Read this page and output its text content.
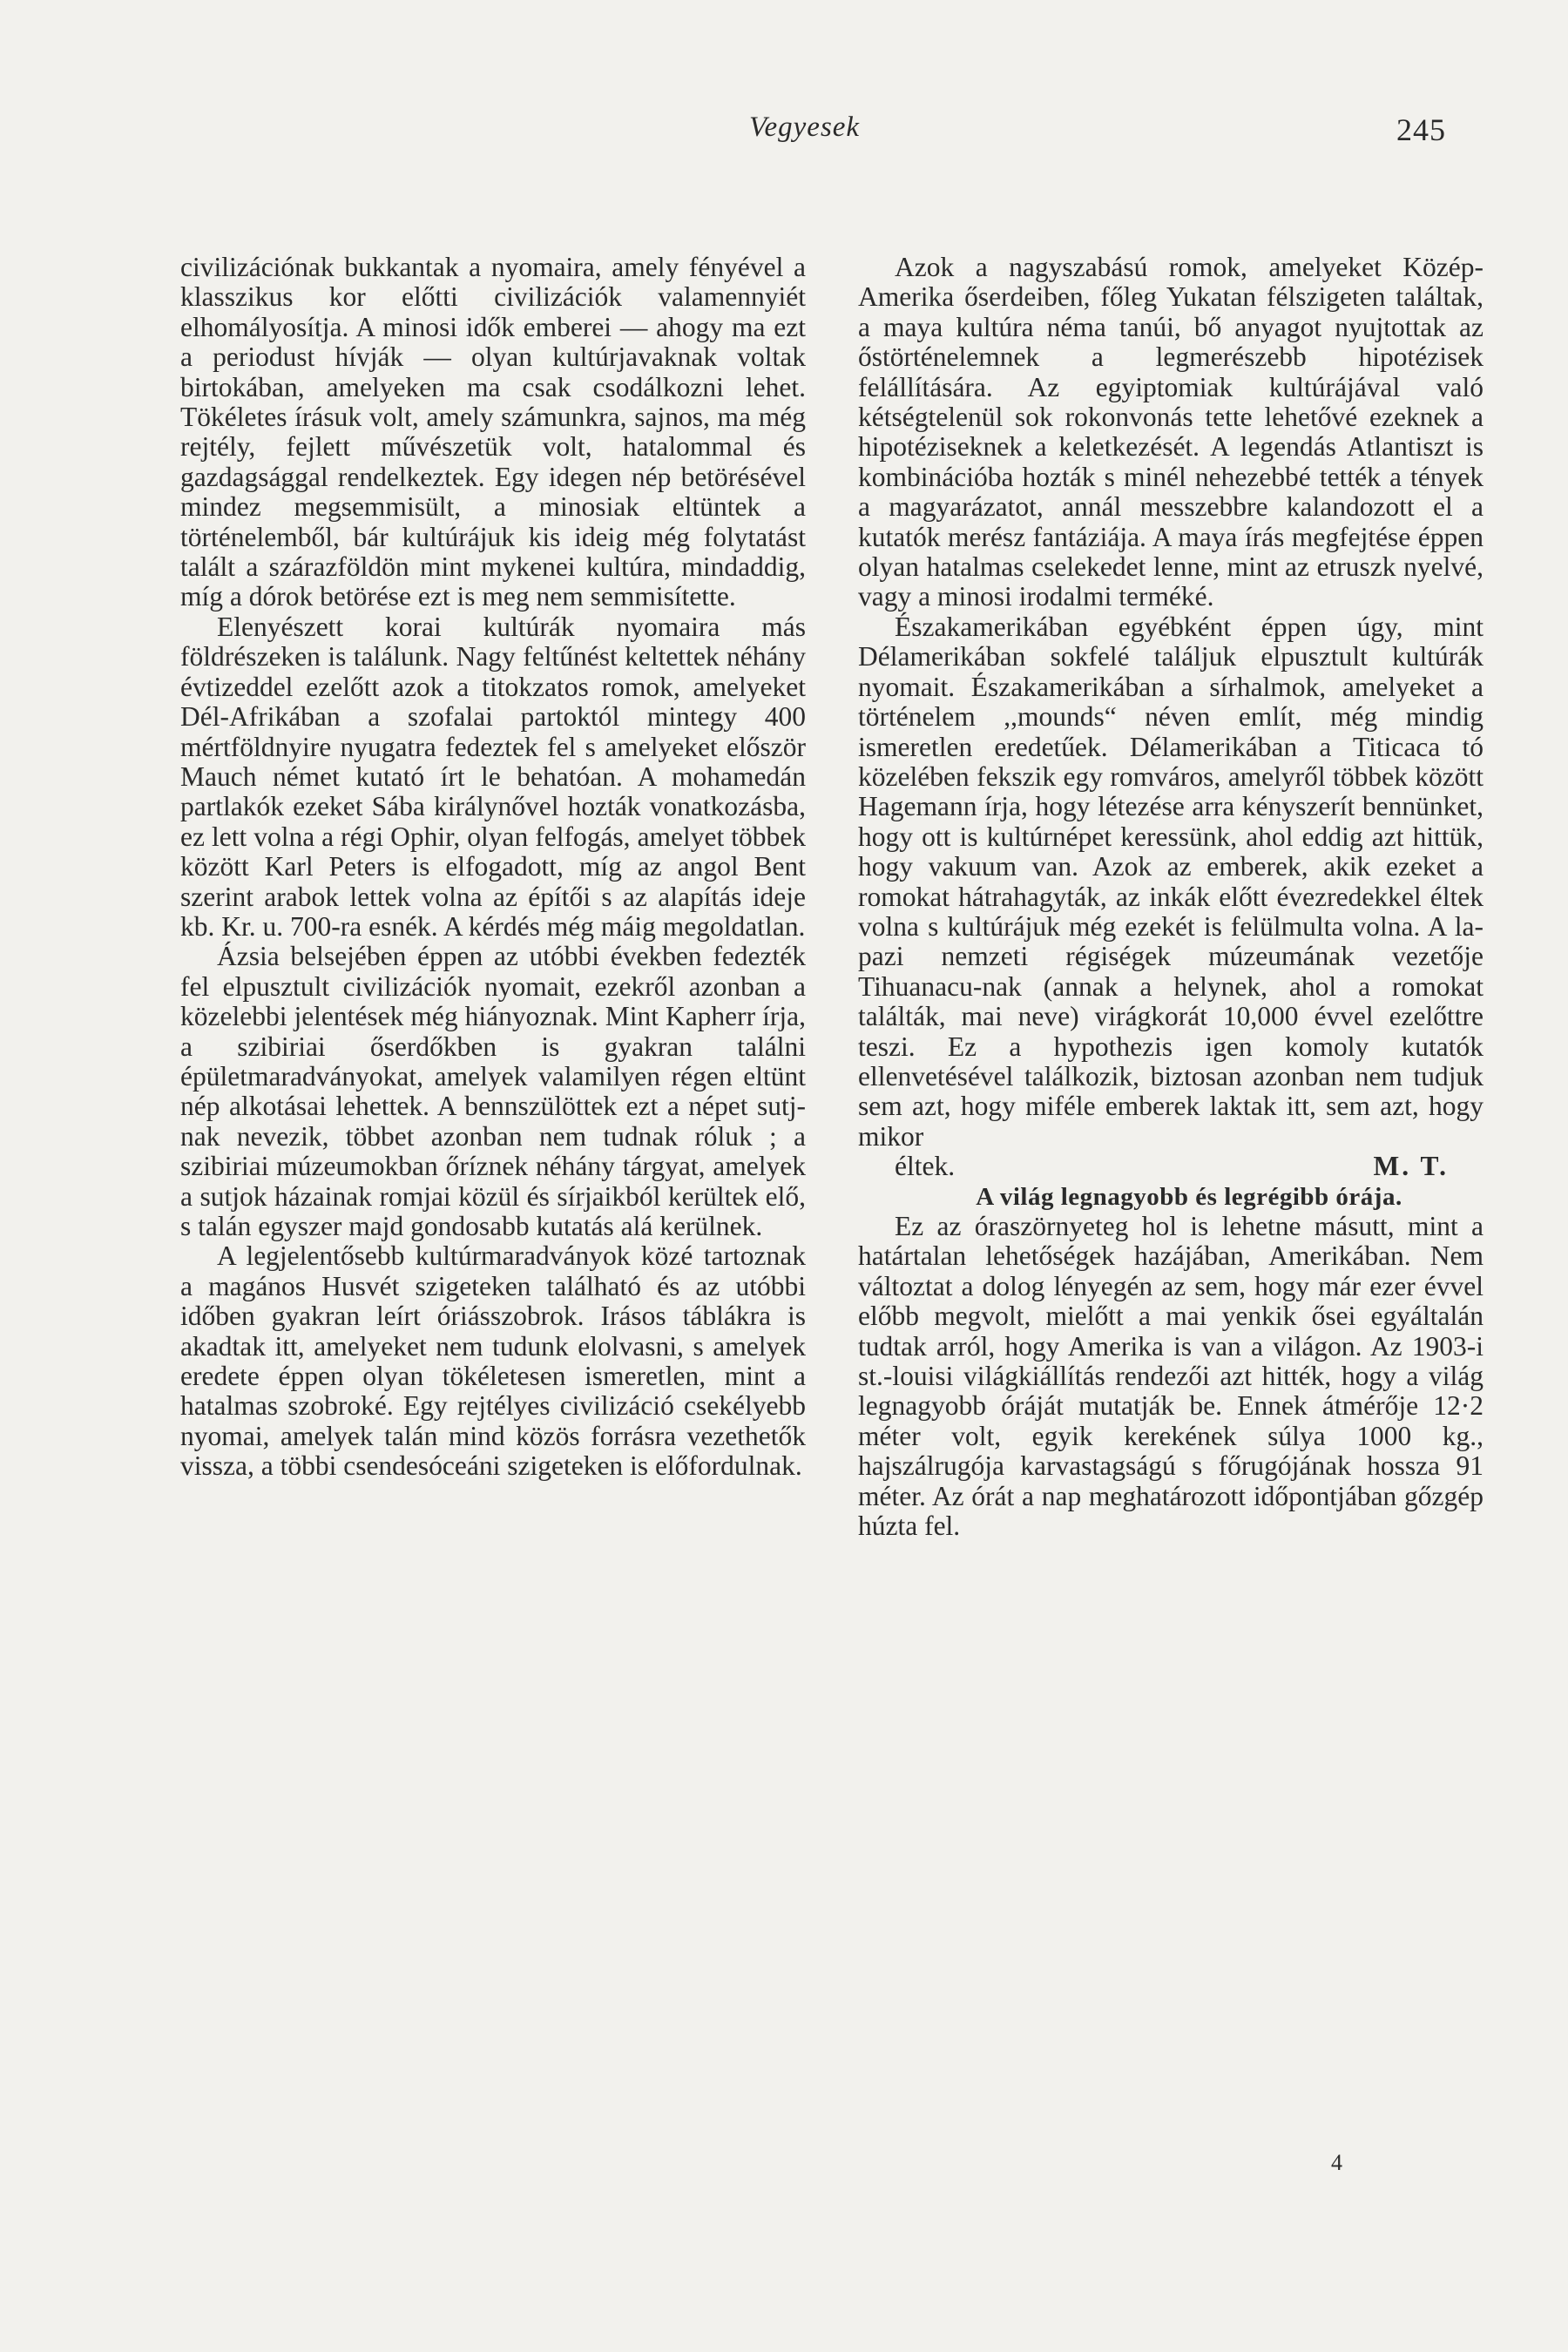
Vegyesek	245

civilizációnak bukkantak a nyomaira, amely fényével a klasszikus kor előtti civilizációk valamennyiét elhomályosítja. A minosi idők emberei — ahogy ma ezt a periodust hívják — olyan kultúrjavaknak voltak birtokában, amelyeken ma csak csodálkozni lehet. Tökéletes írásuk volt, amely számunkra, sajnos, ma még rejtély, fejlett művészetük volt, hatalommal és gazdagsággal rendelkeztek. Egy idegen nép betörésével mindez megsemmisült, a minosiak eltüntek a történelemből, bár kultúrájuk kis ideig még folytatást talált a szárazföldön mint mykenei kultúra, mindaddig, míg a dórok betörése ezt is meg nem semmisítette.

Elenyészett korai kultúrák nyomaira más földrészeken is találunk. Nagy feltűnést keltettek néhány évtizeddel ezelőtt azok a titokzatos romok, amelyeket Dél-Afrikában a szofalai partoktól mintegy 400 mértföldnyire nyugatra fedeztek fel s amelyeket először Mauch német kutató írt le behatóan. A mohamedán partlakók ezeket Sába királynővel hozták vonatkozásba, ez lett volna a régi Ophir, olyan felfogás, amelyet többek között Karl Peters is elfogadott, míg az angol Bent szerint arabok lettek volna az építői s az alapítás ideje kb. Kr. u. 700-ra esnék. A kérdés még máig megoldatlan.

Ázsia belsejében éppen az utóbbi években fedezték fel elpusztult civilizációk nyomait, ezekről azonban a közelebbi jelentések még hiányoznak. Mint Kapherr írja, a szibiriai őserdőkben is gyakran találni épületmaradványokat, amelyek valamilyen régen eltünt nép alkotásai lehettek. A bennszülöttek ezt a népet sutj-nak nevezik, többet azonban nem tudnak róluk ; a szibiriai múzeumokban őríznek néhány tárgyat, amelyek a sutjok házainak romjai közül és sírjaikból kerültek elő, s talán egyszer majd gondosabb kutatás alá kerülnek.

A legjelentősebb kultúrmaradványok közé tartoznak a magános Husvét szigeteken található és az utóbbi időben gyakran leírt óriásszobrok. Irásos táblákra is akadtak itt, amelyeket nem tudunk elolvasni, s amelyek eredete éppen olyan tökéletesen ismeretlen, mint a hatalmas szobroké. Egy rejtélyes civilizáció csekélyebb nyomai, amelyek talán mind közös forrásra vezethetők vissza, a többi csendesóceáni szigeteken is előfordulnak.

Azok a nagyszabású romok, amelyeket Közép-Amerika őserdeiben, főleg Yukatan félszigeten találtak, a maya kultúra néma tanúi, bő anyagot nyujtottak az őstörténelemnek a legmerészebb hipotézisek felállítására. Az egyiptomiak kultúrájával való kétségtelenül sok rokonvonás tette lehetővé ezeknek a hipotéziseknek a keletkezését. A legendás Atlantiszt is kombinációba hozták s minél nehezebbé tették a tények a magyarázatot, annál messzebbre kalandozott el a kutatók merész fantáziája. A maya írás megfejtése éppen olyan hatalmas cselekedet lenne, mint az etruszk nyelvé, vagy a minosi irodalmi terméké.

Északamerikában egyébként éppen úgy, mint Délamerikában sokfelé találjuk elpusztult kultúrák nyomait. Északamerikában a sírhalmok, amelyeket a történelem ,,mounds“ néven említ, még mindig ismeretlen eredetűek. Délamerikában a Titicaca tó közelében fekszik egy romváros, amelyről többek között Hagemann írja, hogy létezése arra kényszerít bennünket, hogy ott is kultúrnépet keressünk, ahol eddig azt hittük, hogy vakuum van. Azok az emberek, akik ezeket a romokat hátrahagyták, az inkák előtt évezredekkel éltek volna s kultúrájuk még ezekét is felülmulta volna. A la-pazi nemzeti régiségek múzeumának vezetője Tihuanacu-nak (annak a helynek, ahol a romokat találták, mai neve) virágkorát 10,000 évvel ezelőttre teszi. Ez a hypothezis igen komoly kutatók ellenvetésével találkozik, biztosan azonban nem tudjuk sem azt, hogy miféle emberek laktak itt, sem azt, hogy mikor

éltek.	M. T.

A világ legnagyobb és legrégibb órája.

Ez az óraszörnyeteg hol is lehetne másutt, mint a határtalan lehetőségek hazájában, Amerikában. Nem változtat a dolog lényegén az sem, hogy már ezer évvel előbb megvolt, mielőtt a mai yenkik ősei egyáltalán tudtak arról, hogy Amerika is van a világon. Az 1903-i st.-louisi világkiállítás rendezői azt hitték, hogy a világ legnagyobb óráját mutatják be. Ennek átmérője 12·2 méter volt, egyik kerekének súlya 1000 kg., hajszálrugója karvastagságú s főrugójának hossza 91 méter. Az órát a nap meghatározott időpontjában gőzgép húzta fel.

4
